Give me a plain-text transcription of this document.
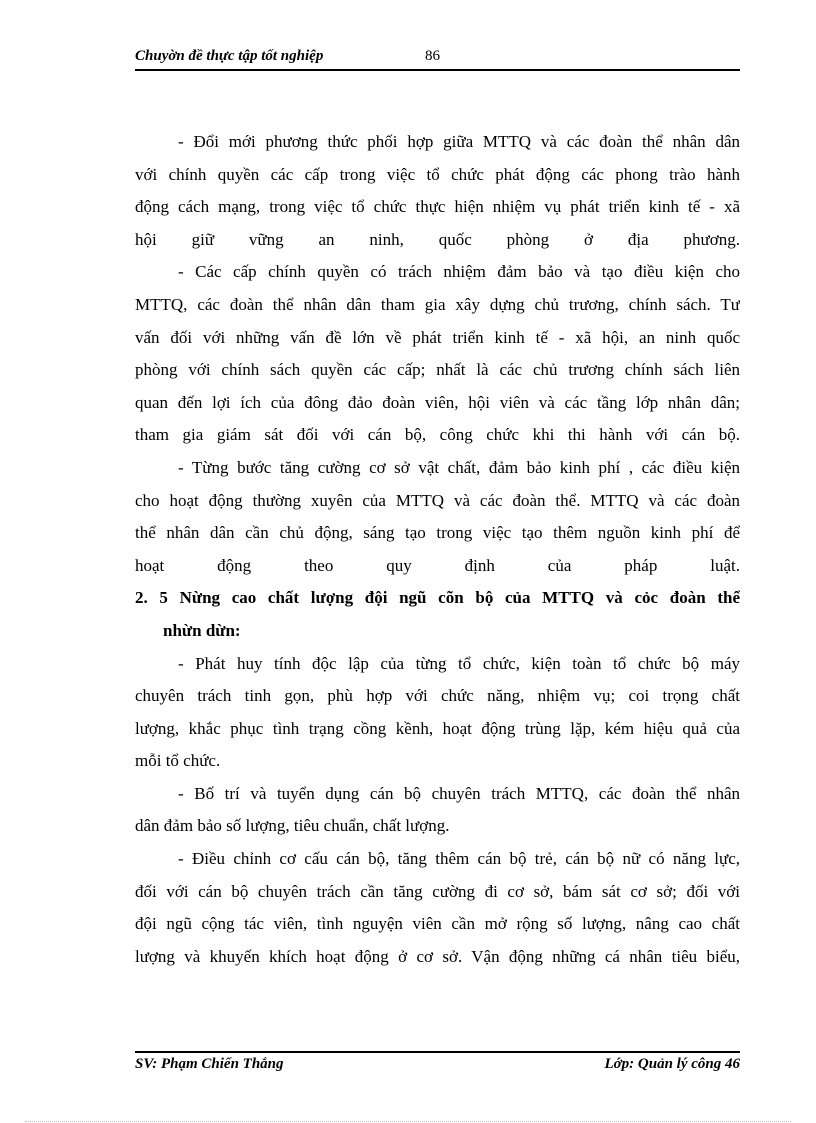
Chuyờn đề thực tập tốt nghiệp	86
- Đổi mới phương thức phối hợp giữa MTTQ và các đoàn thể nhân dân
với chính quyền các cấp trong việc tổ chức phát động các phong trào hành
động cách mạng, trong việc tổ chức thực hiện nhiệm vụ phát triển kinh tế - xã
hội giữ vững an ninh, quốc phòng ở địa phương.
- Các cấp chính quyền có trách nhiệm đảm bảo và tạo điều kiện cho
MTTQ, các đoàn thể nhân dân tham gia xây dựng chủ trương, chính sách. Tư
vấn đối với những vấn đề lớn về phát triển kinh tế - xã hội, an ninh quốc
phòng với chính sách quyền các cấp; nhất là các chủ trương chính sách liên
quan đến lợi ích của đông đảo đoàn viên, hội viên và các tầng lớp nhân dân;
tham gia giám sát đối với cán bộ, công chức khi thi hành với cán bộ.
- Từng bước tăng cường cơ sở vật chất, đảm bảo kinh phí , các điều kiện
cho hoạt động thường xuyên của MTTQ và các đoàn thể. MTTQ và các đoàn
thể nhân dân cần chủ động, sáng tạo trong việc tạo thêm nguồn kinh phí để
hoạt động theo quy định của pháp luật.
2. 5 Nừng cao chất lượng đội ngũ cõn bộ của MTTQ và cỏc đoàn thể
nhừn dừn:
- Phát huy tính độc lập của từng tổ chức, kiện toàn tổ chức bộ máy
chuyên trách tinh gọn, phù hợp với chức năng, nhiệm vụ; coi trọng chất
lượng, khắc phục tình trạng cồng kềnh, hoạt động trùng lặp, kém hiệu quả của
mỗi tổ chức.
- Bố trí và tuyển dụng cán bộ chuyên trách MTTQ, các đoàn thể nhân
dân đảm bảo số lượng, tiêu chuẩn, chất lượng.
- Điều chỉnh cơ cấu cán bộ, tăng thêm cán bộ trẻ, cán bộ nữ có năng lực,
đối với cán bộ chuyên trách cần tăng cường đi cơ sở, bám sát cơ sở; đối với
đội ngũ cộng tác viên, tình nguyện viên cần mở rộng số lượng, nâng cao chất
lượng và khuyến khích hoạt động ở cơ sở. Vận động những cá nhân tiêu biểu,
SV: Phạm Chiến Thắng	Lớp: Quản lý công 46
